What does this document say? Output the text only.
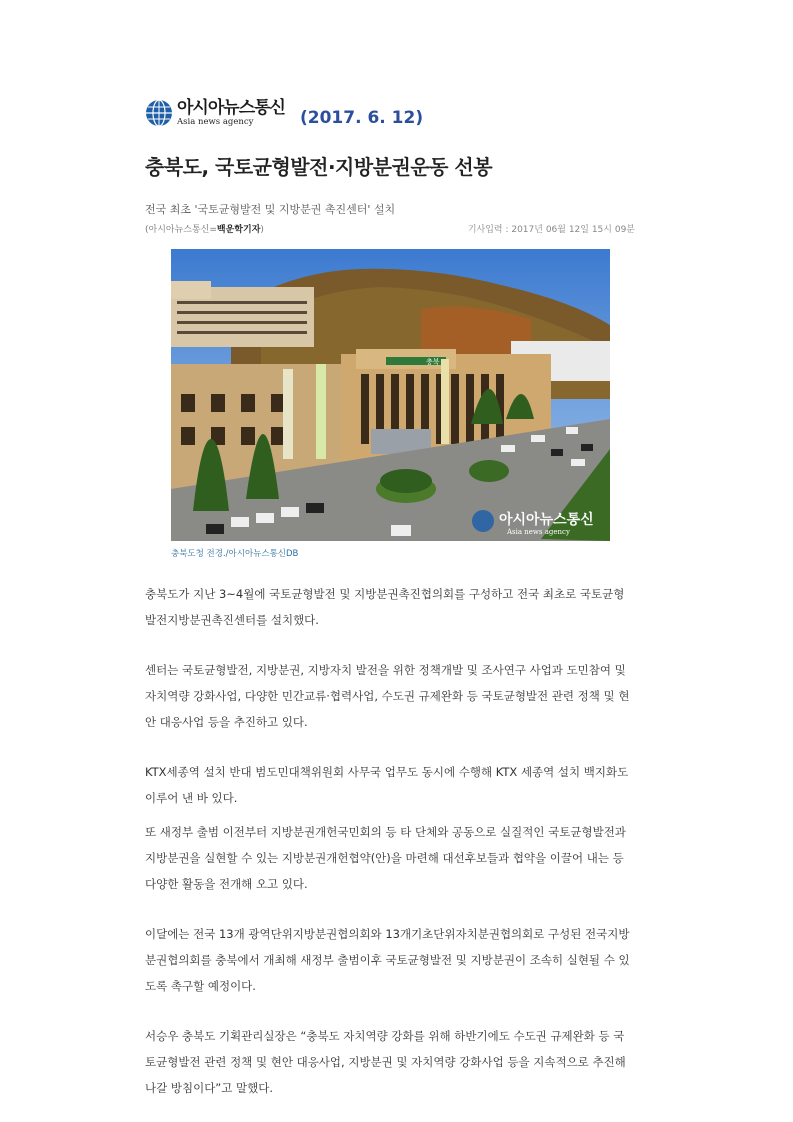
아시아뉴스통신
Asia news agency	(2017. 6. 12)
충북도, 국토균형발전·지방분권운동 선봉
전국 최초 '국토균형발전 및 지방분권 촉진센터' 설치
(아시아뉴스통신=백운학기자)	기사입력 : 2017년 06월 12일 15시 09분
충북
아시아뉴스통신
Asia news agency
충북도청 전경./아시아뉴스통신DB

충북도가 지난 3~4월에 국토균형발전 및 지방분권촉진협의회를 구성하고 전국 최초로 국토균형발전지방분권촉진센터를 설치했다.

센터는 국토균형발전, 지방분권, 지방자치 발전을 위한 정책개발 및 조사연구 사업과 도민참여 및 자치역량 강화사업, 다양한 민간교류·협력사업, 수도권 규제완화 등 국토균형발전 관련 정책 및 현안 대응사업 등을 추진하고 있다.

KTX세종역 설치 반대 범도민대책위원회 사무국 업무도 동시에 수행해 KTX 세종역 설치 백지화도 이루어 낸 바 있다.

또 새정부 출범 이전부터 지방분권개헌국민회의 등 타 단체와 공동으로 실질적인 국토균형발전과 지방분권을 실현할 수 있는 지방분권개헌협약(안)을 마련해 대선후보들과 협약을 이끌어 내는 등 다양한 활동을 전개해 오고 있다.

이달에는 전국 13개 광역단위지방분권협의회와 13개기초단위자치분권협의회로 구성된 전국지방분권협의회를 충북에서 개최해 새정부 출범이후 국토균형발전 및 지방분권이 조속히 실현될 수 있도록 촉구할 예정이다.

서승우 충북도 기획관리실장은 “충북도 자치역량 강화를 위해 하반기에도 수도권 규제완화 등 국토균형발전 관련 정책 및 현안 대응사업, 지방분권 및 자치역량 강화사업 등을 지속적으로 추진해 나갈 방침이다”고 말했다.
